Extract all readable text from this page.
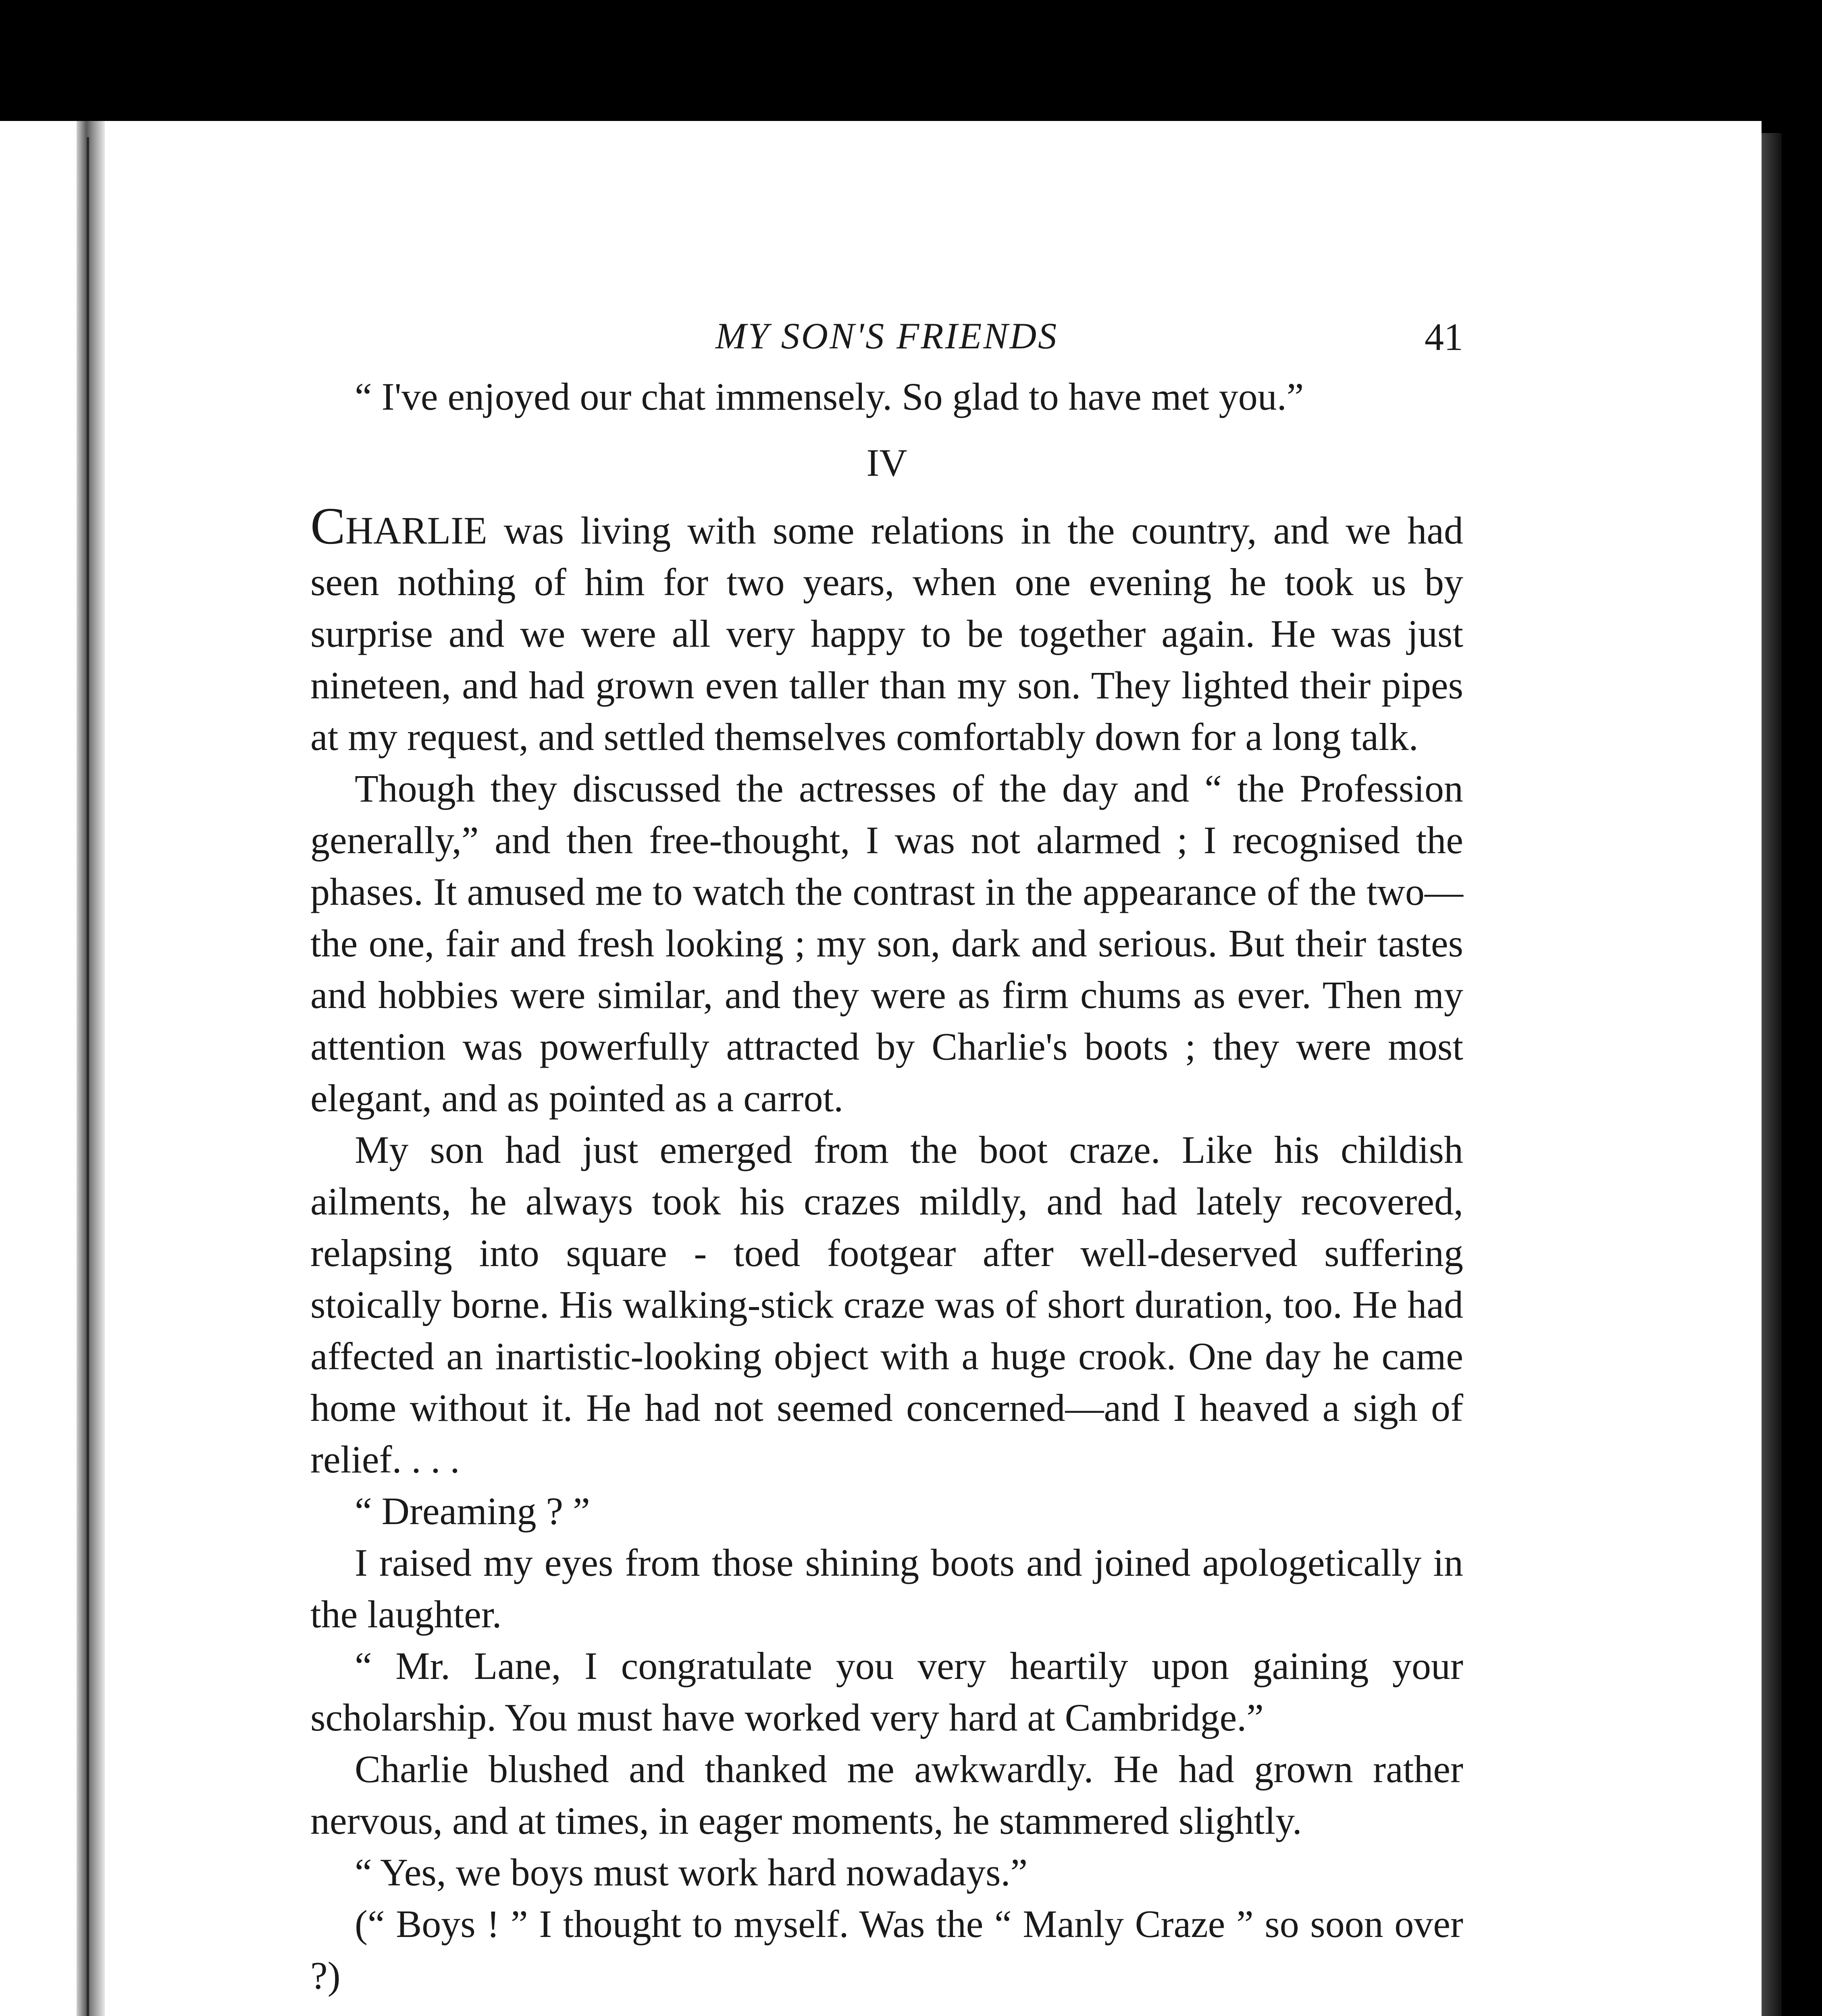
MY SON'S FRIENDS	41

“ I've enjoyed our chat immensely. So glad to have met you.”

IV

CHARLIE was living with some relations in the country, and we had seen nothing of him for two years, when one evening he took us by surprise and we were all very happy to be together again. He was just nineteen, and had grown even taller than my son. They lighted their pipes at my request, and settled themselves comfortably down for a long talk.

Though they discussed the actresses of the day and “ the Profession generally,” and then free-thought, I was not alarmed ; I recognised the phases. It amused me to watch the contrast in the appearance of the two—the one, fair and fresh looking ; my son, dark and serious. But their tastes and hobbies were similar, and they were as firm chums as ever. Then my attention was powerfully attracted by Charlie's boots ; they were most elegant, and as pointed as a carrot.

My son had just emerged from the boot craze. Like his childish ailments, he always took his crazes mildly, and had lately recovered, relapsing into square - toed footgear after well-deserved suffering stoically borne. His walking-stick craze was of short duration, too. He had affected an inartistic-looking object with a huge crook. One day he came home without it. He had not seemed concerned—and I heaved a sigh of relief. . . .

“ Dreaming ? ”

I raised my eyes from those shining boots and joined apologetically in the laughter.

“ Mr. Lane, I congratulate you very heartily upon gaining your scholarship. You must have worked very hard at Cambridge.”

Charlie blushed and thanked me awkwardly. He had grown rather nervous, and at times, in eager moments, he stammered slightly.

“ Yes, we boys must work hard nowadays.”

(“ Boys ! ” I thought to myself. Was the “ Manly Craze ” so soon over ?)
